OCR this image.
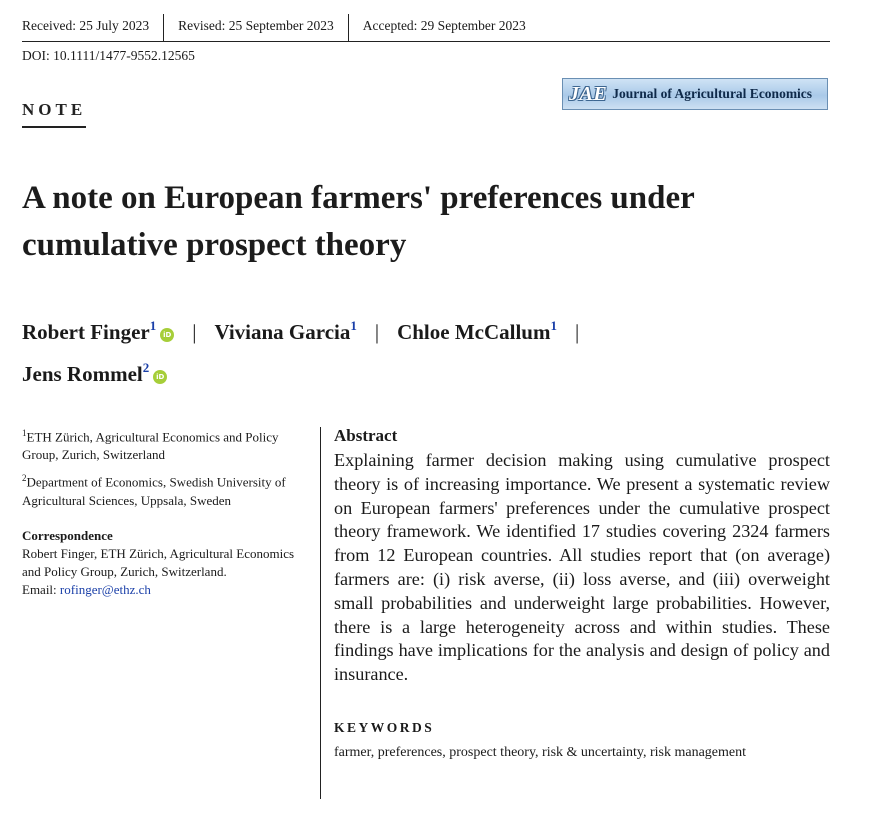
Received: 25 July 2023	Revised: 25 September 2023	Accepted: 29 September 2023
DOI: 10.1111/1477-9552.12565
NOTE
JAE Journal of Agricultural Economics
A note on European farmers' preferences under cumulative prospect theory
Robert Finger$^1$iD | Viviana Garcia$^1$ | Chloe McCallum$^1$ |
Jens Rommel$^2$iD
$^1$ETH Zürich, Agricultural Economics and Policy Group, Zurich, Switzerland
$^2$Department of Economics, Swedish University of Agricultural Sciences, Uppsala, Sweden
Correspondence
Robert Finger, ETH Zürich, Agricultural Economics and Policy Group, Zurich, Switzerland.
Email: rofinger@ethz.ch
Abstract

Explaining farmer decision making using cumulative prospect theory is of increasing importance. We present a systematic review on European farmers' preferences under the cumulative prospect theory framework. We identified 17 studies covering 2324 farmers from 12 European countries. All studies report that (on average) farmers are: (i) risk averse, (ii) loss averse, and (iii) overweight small probabilities and underweight large probabilities. However, there is a large heterogeneity across and within studies. These findings have implications for the analysis and design of policy and insurance.

KEYWORDS
farmer, preferences, prospect theory, risk & uncertainty, risk management
